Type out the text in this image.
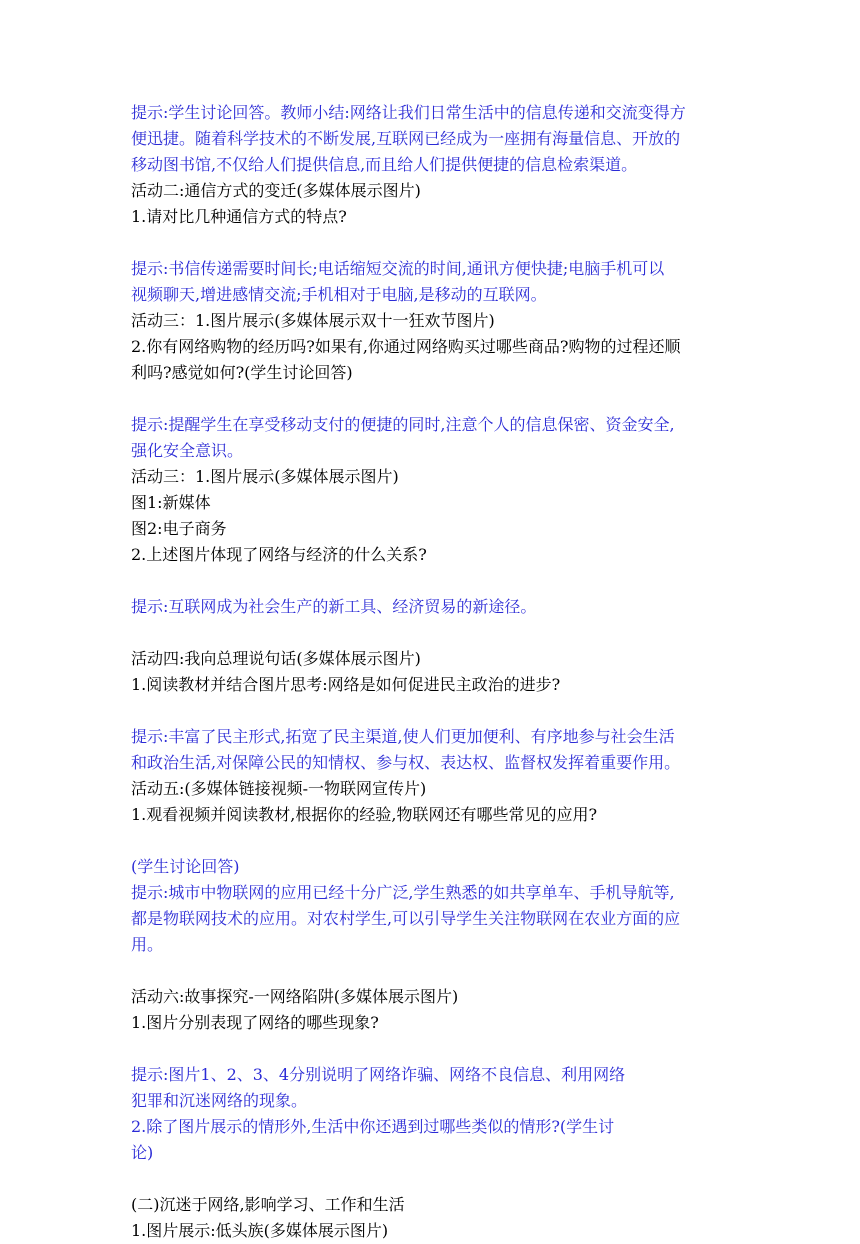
提示:学生讨论回答。教师小结:网络让我们日常生活中的信息传递和交流变得方
便迅捷。随着科学技术的不断发展,互联网已经成为一座拥有海量信息、开放的
移动图书馆,不仅给人们提供信息,而且给人们提供便捷的信息检索渠道。
活动二:通信方式的变迁(多媒体展示图片)
1.请对比几种通信方式的特点?
提示:书信传递需要时间长;电话缩短交流的时间,通讯方便快捷;电脑手机可以
视频聊天,增进感情交流;手机相对于电脑,是移动的互联网。
活动三：1.图片展示(多媒体展示双十一狂欢节图片)
2.你有网络购物的经历吗?如果有,你通过网络购买过哪些商品?购物的过程还顺
利吗?感觉如何?(学生讨论回答)
提示:提醒学生在享受移动支付的便捷的同时,注意个人的信息保密、资金安全,
强化安全意识。
活动三：1.图片展示(多媒体展示图片)
图1:新媒体
图2:电子商务
2.上述图片体现了网络与经济的什么关系?
提示:互联网成为社会生产的新工具、经济贸易的新途径。
活动四:我向总理说句话(多媒体展示图片)
1.阅读教材并结合图片思考:网络是如何促进民主政治的进步?
提示:丰富了民主形式,拓宽了民主渠道,使人们更加便利、有序地参与社会生活
和政治生活,对保障公民的知情权、参与权、表达权、监督权发挥着重要作用。
活动五:(多媒体链接视频-一物联网宣传片)
1.观看视频并阅读教材,根据你的经验,物联网还有哪些常见的应用?
(学生讨论回答)
提示:城市中物联网的应用已经十分广泛,学生熟悉的如共享单车、手机导航等,
都是物联网技术的应用。对农村学生,可以引导学生关注物联网在农业方面的应
用。
活动六:故事探究-一网络陷阱(多媒体展示图片)
1.图片分别表现了网络的哪些现象?
提示:图片1、2、3、4分别说明了网络诈骗、网络不良信息、利用网络
犯罪和沉迷网络的现象。
2.除了图片展示的情形外,生活中你还遇到过哪些类似的情形?(学生讨
论)
(二)沉迷于网络,影响学习、工作和生活
1.图片展示:低头族(多媒体展示图片)
